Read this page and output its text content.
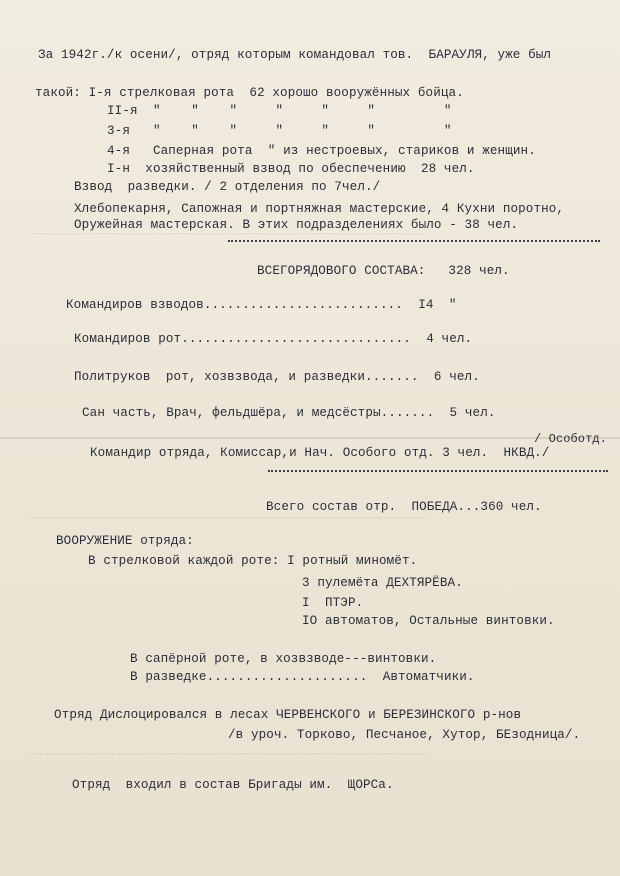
~~~~~~~~~~~~~~~~~~~~~~~~~~~~~~~~~~~~~~~~~~~~~~~~~~~~~~~
~~~~~~~~~~~~~~~~~~~~~~~~~~~~~~~~~~~~~~~~~~~~~~~~~~~~~~~
~~~~~~~~~~~~~~~~~~~~~~~~~~~~~~~~~~~~~~~~~~~~~~~~~~~~~~~
За 1942г./к осени/, отряд которым командовал тов.  БАРАУЛЯ, уже был
такой: I-я стрелковая рота  62 хорошо вооружённых бойца.
II-я  "    "    "     "     "     "         "
3-я   "    "    "     "     "     "         "
4-я   Саперная рота  " из нестроевых, стариков и женщин.
I-н  хозяйственный взвод по обеспечению  28 чел.
Взвод  разведки. / 2 отделения по 7чел./
Хлебопекарня, Сапожная и портняжная мастерские, 4 Кухни поротно,
Оружейная мастерская. В этих подразделениях было - 38 чел.
ВСЕГОРЯДОВОГО СОСТАВА:   328 чел.
Командиров взводов..........................  I4  "
Командиров рот..............................  4 чел.
Политруков  рот, хозвзвода, и разведки.......  6 чел.
Сан часть, Врач, фельдшёра, и медсёстры.......  5 чел.
/ Особотд.
Командир отряда, Комиссар,и Нач. Особого отд. 3 чел.  НКВД./
Всего состав отр.  ПОБЕДА...360 чел.
ВООРУЖЕНИЕ отряда:
В стрелковой каждой роте: I ротный миномёт.
3 пулемёта ДЕХТЯРЁВА.
I  ПТЭР.
IO автоматов, Остальные винтовки.
В сапёрной роте, в хозвзводе---винтовки.
В разведке.....................  Автоматчики.
Отряд Дислоцировался в лесах ЧЕРВЕНСКОГО и БЕРЕЗИНСКОГО р-нов
/в уроч. Торково, Песчаное, Хутор, БЕзодница/.
Отряд  входил в состав Бригады им.  ЩОРСа.
